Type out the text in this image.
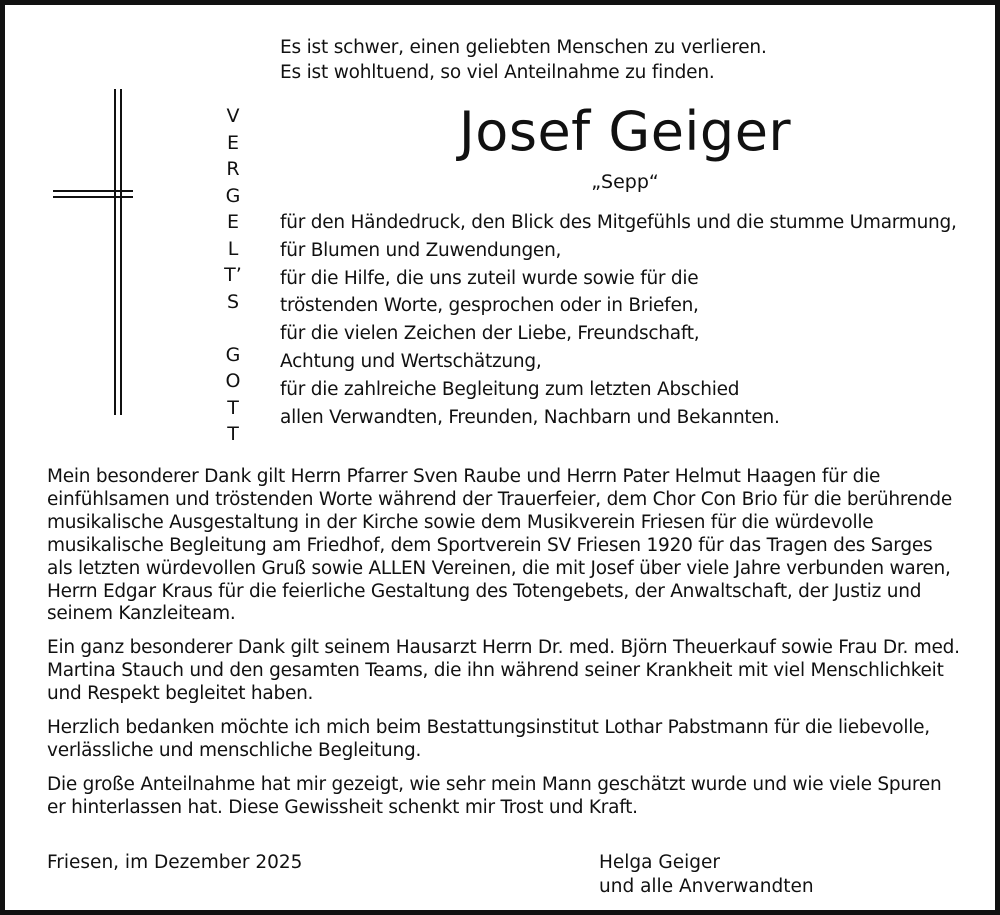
Es ist schwer, einen geliebten Menschen zu verlieren.
Es ist wohltuend, so viel Anteilnahme zu finden.
V
E
R
G
E
L
T’
S
G
O
T
T
Josef Geiger
„Sepp“
für den Händedruck, den Blick des Mitgefühls und die stumme Umarmung,
für Blumen und Zuwendungen,
für die Hilfe, die uns zuteil wurde sowie für die
tröstenden Worte, gesprochen oder in Briefen,
für die vielen Zeichen der Liebe, Freundschaft,
Achtung und Wertschätzung,
für die zahlreiche Begleitung zum letzten Abschied
allen Verwandten, Freunden, Nachbarn und Bekannten.

Mein besonderer Dank gilt Herrn Pfarrer Sven Raube und Herrn Pater Helmut Haagen für die
einfühlsamen und tröstenden Worte während der Trauerfeier, dem Chor Con Brio für die berührende
musikalische Ausgestaltung in der Kirche sowie dem Musikverein Friesen für die würdevolle
musikalische Begleitung am Friedhof, dem Sportverein SV Friesen 1920 für das Tragen des Sarges
als letzten würdevollen Gruß sowie ALLEN Vereinen, die mit Josef über viele Jahre verbunden waren,
Herrn Edgar Kraus für die feierliche Gestaltung des Totengebets, der Anwaltschaft, der Justiz und
seinem Kanzleiteam.

Ein ganz besonderer Dank gilt seinem Hausarzt Herrn Dr. med. Björn Theuerkauf sowie Frau Dr. med.
Martina Stauch und den gesamten Teams, die ihn während seiner Krankheit mit viel Menschlichkeit
und Respekt begleitet haben.

Herzlich bedanken möchte ich mich beim Bestattungsinstitut Lothar Pabstmann für die liebevolle,
verlässliche und menschliche Begleitung.

Die große Anteilnahme hat mir gezeigt, wie sehr mein Mann geschätzt wurde und wie viele Spuren
er hinterlassen hat. Diese Gewissheit schenkt mir Trost und Kraft.

Friesen, im Dezember 2025	Helga Geiger
und alle Anverwandten
